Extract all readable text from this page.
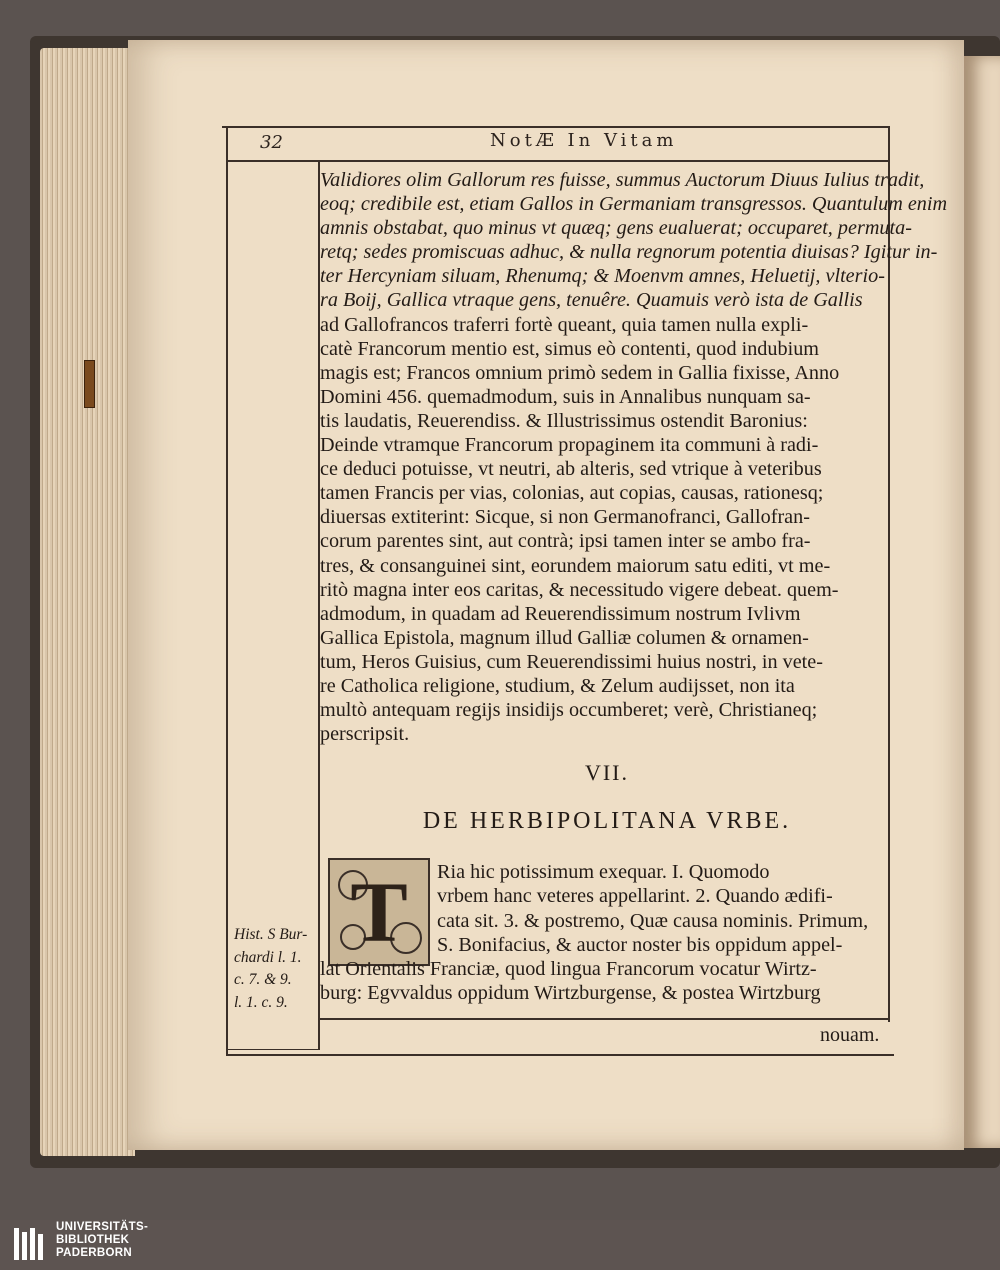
32	NotÆ In Vitam
Validiores olim Gallorum res fuisse, summus Auctorum Diuus Iulius tradit,
eoq; credibile est, etiam Gallos in Germaniam transgressos. Quantulum enim
amnis obstabat, quo minus vt quæq; gens eualuerat; occuparet, permuta-
retq; sedes promiscuas adhuc, & nulla regnorum potentia diuisas? Igitur in-
ter Hercyniam siluam, Rhenumq; & Moenvm amnes, Heluetij, vlterio-
ra Boij, Gallica vtraque gens, tenuêre. Quamuis verò ista de Gallis
ad Gallofrancos traferri fortè queant, quia tamen nulla expli-
catè Francorum mentio est, simus eò contenti, quod indubium
magis est; Francos omnium primò sedem in Gallia fixisse, Anno
Domini 456. quemadmodum, suis in Annalibus nunquam sa-
tis laudatis, Reuerendiss. & Illustrissimus ostendit Baronius:
Deinde vtramque Francorum propaginem ita communi à radi-
ce deduci potuisse, vt neutri, ab alteris, sed vtrique à veteribus
tamen Francis per vias, colonias, aut copias, causas, rationesq;
diuersas extiterint: Sicque, si non Germanofranci, Gallofran-
corum parentes sint, aut contrà; ipsi tamen inter se ambo fra-
tres, & consanguinei sint, eorundem maiorum satu editi, vt me-
ritò magna inter eos caritas, & necessitudo vigere debeat. quem-
admodum, in quadam ad Reuerendissimum nostrum Ivlivm
Gallica Epistola, magnum illud Galliæ columen & ornamen-
tum, Heros Guisius, cum Reuerendissimi huius nostri, in vete-
re Catholica religione, studium, & Zelum audijsset, non ita
multò antequam regijs insidijs occumberet; verè, Christianeq;
perscripsit.
VII.
DE HERBIPOLITANA VRBE.
T	Ria hic potissimum exequar. I. Quomodo
vrbem hanc veteres appellarint. 2. Quando ædifi-
cata sit. 3. & postremo, Quæ causa nominis. Primum,
S. Bonifacius, & auctor noster bis oppidum appel-
lat Orientalis Franciæ, quod lingua Francorum vocatur Wirtz-
burg: Egvvaldus oppidum Wirtzburgense, & postea Wirtzburg
Hist. S Bur-
chardi l. 1.
c. 7. & 9.
l. 1. c. 9.
nouam.
UNIVERSITÄTS-
BIBLIOTHEK
PADERBORN
